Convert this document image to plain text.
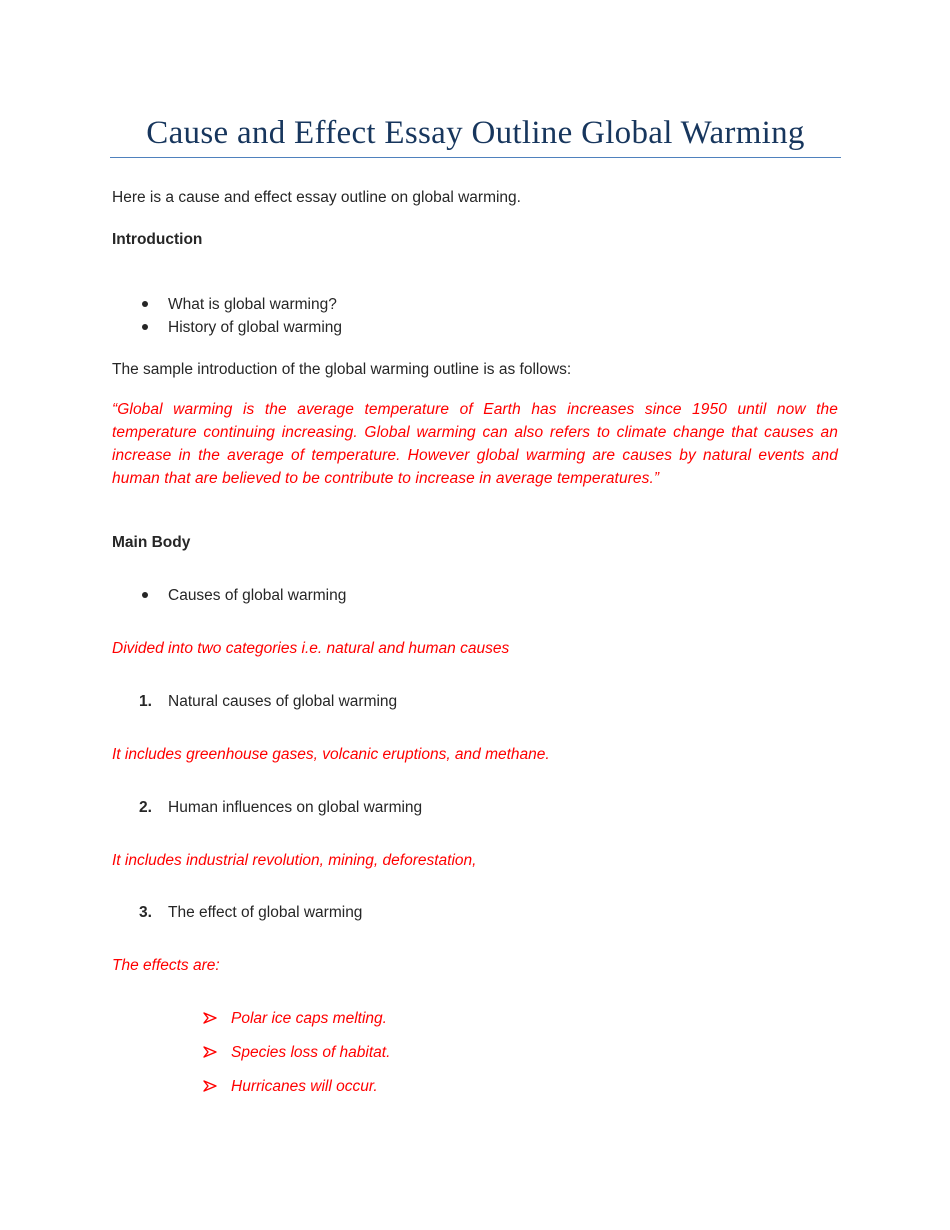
Cause and Effect Essay Outline Global Warming

Here is a cause and effect essay outline on global warming.

Introduction

What is global warming?
History of global warming

The sample introduction of the global warming outline is as follows:

“Global warming is the average temperature of Earth has increases since 1950 until now the temperature continuing increasing. Global warming can also refers to climate change that causes an increase in the average of temperature. However global warming are causes by natural events and human that are believed to be contribute to increase in average temperatures.”

Main Body

Causes of global warming

Divided into two categories i.e. natural and human causes

1. Natural causes of global warming

It includes greenhouse gases, volcanic eruptions, and methane.

2. Human influences on global warming

It includes industrial revolution, mining, deforestation,

3. The effect of global warming

The effects are:

Polar ice caps melting.
Species loss of habitat.
Hurricanes will occur.
